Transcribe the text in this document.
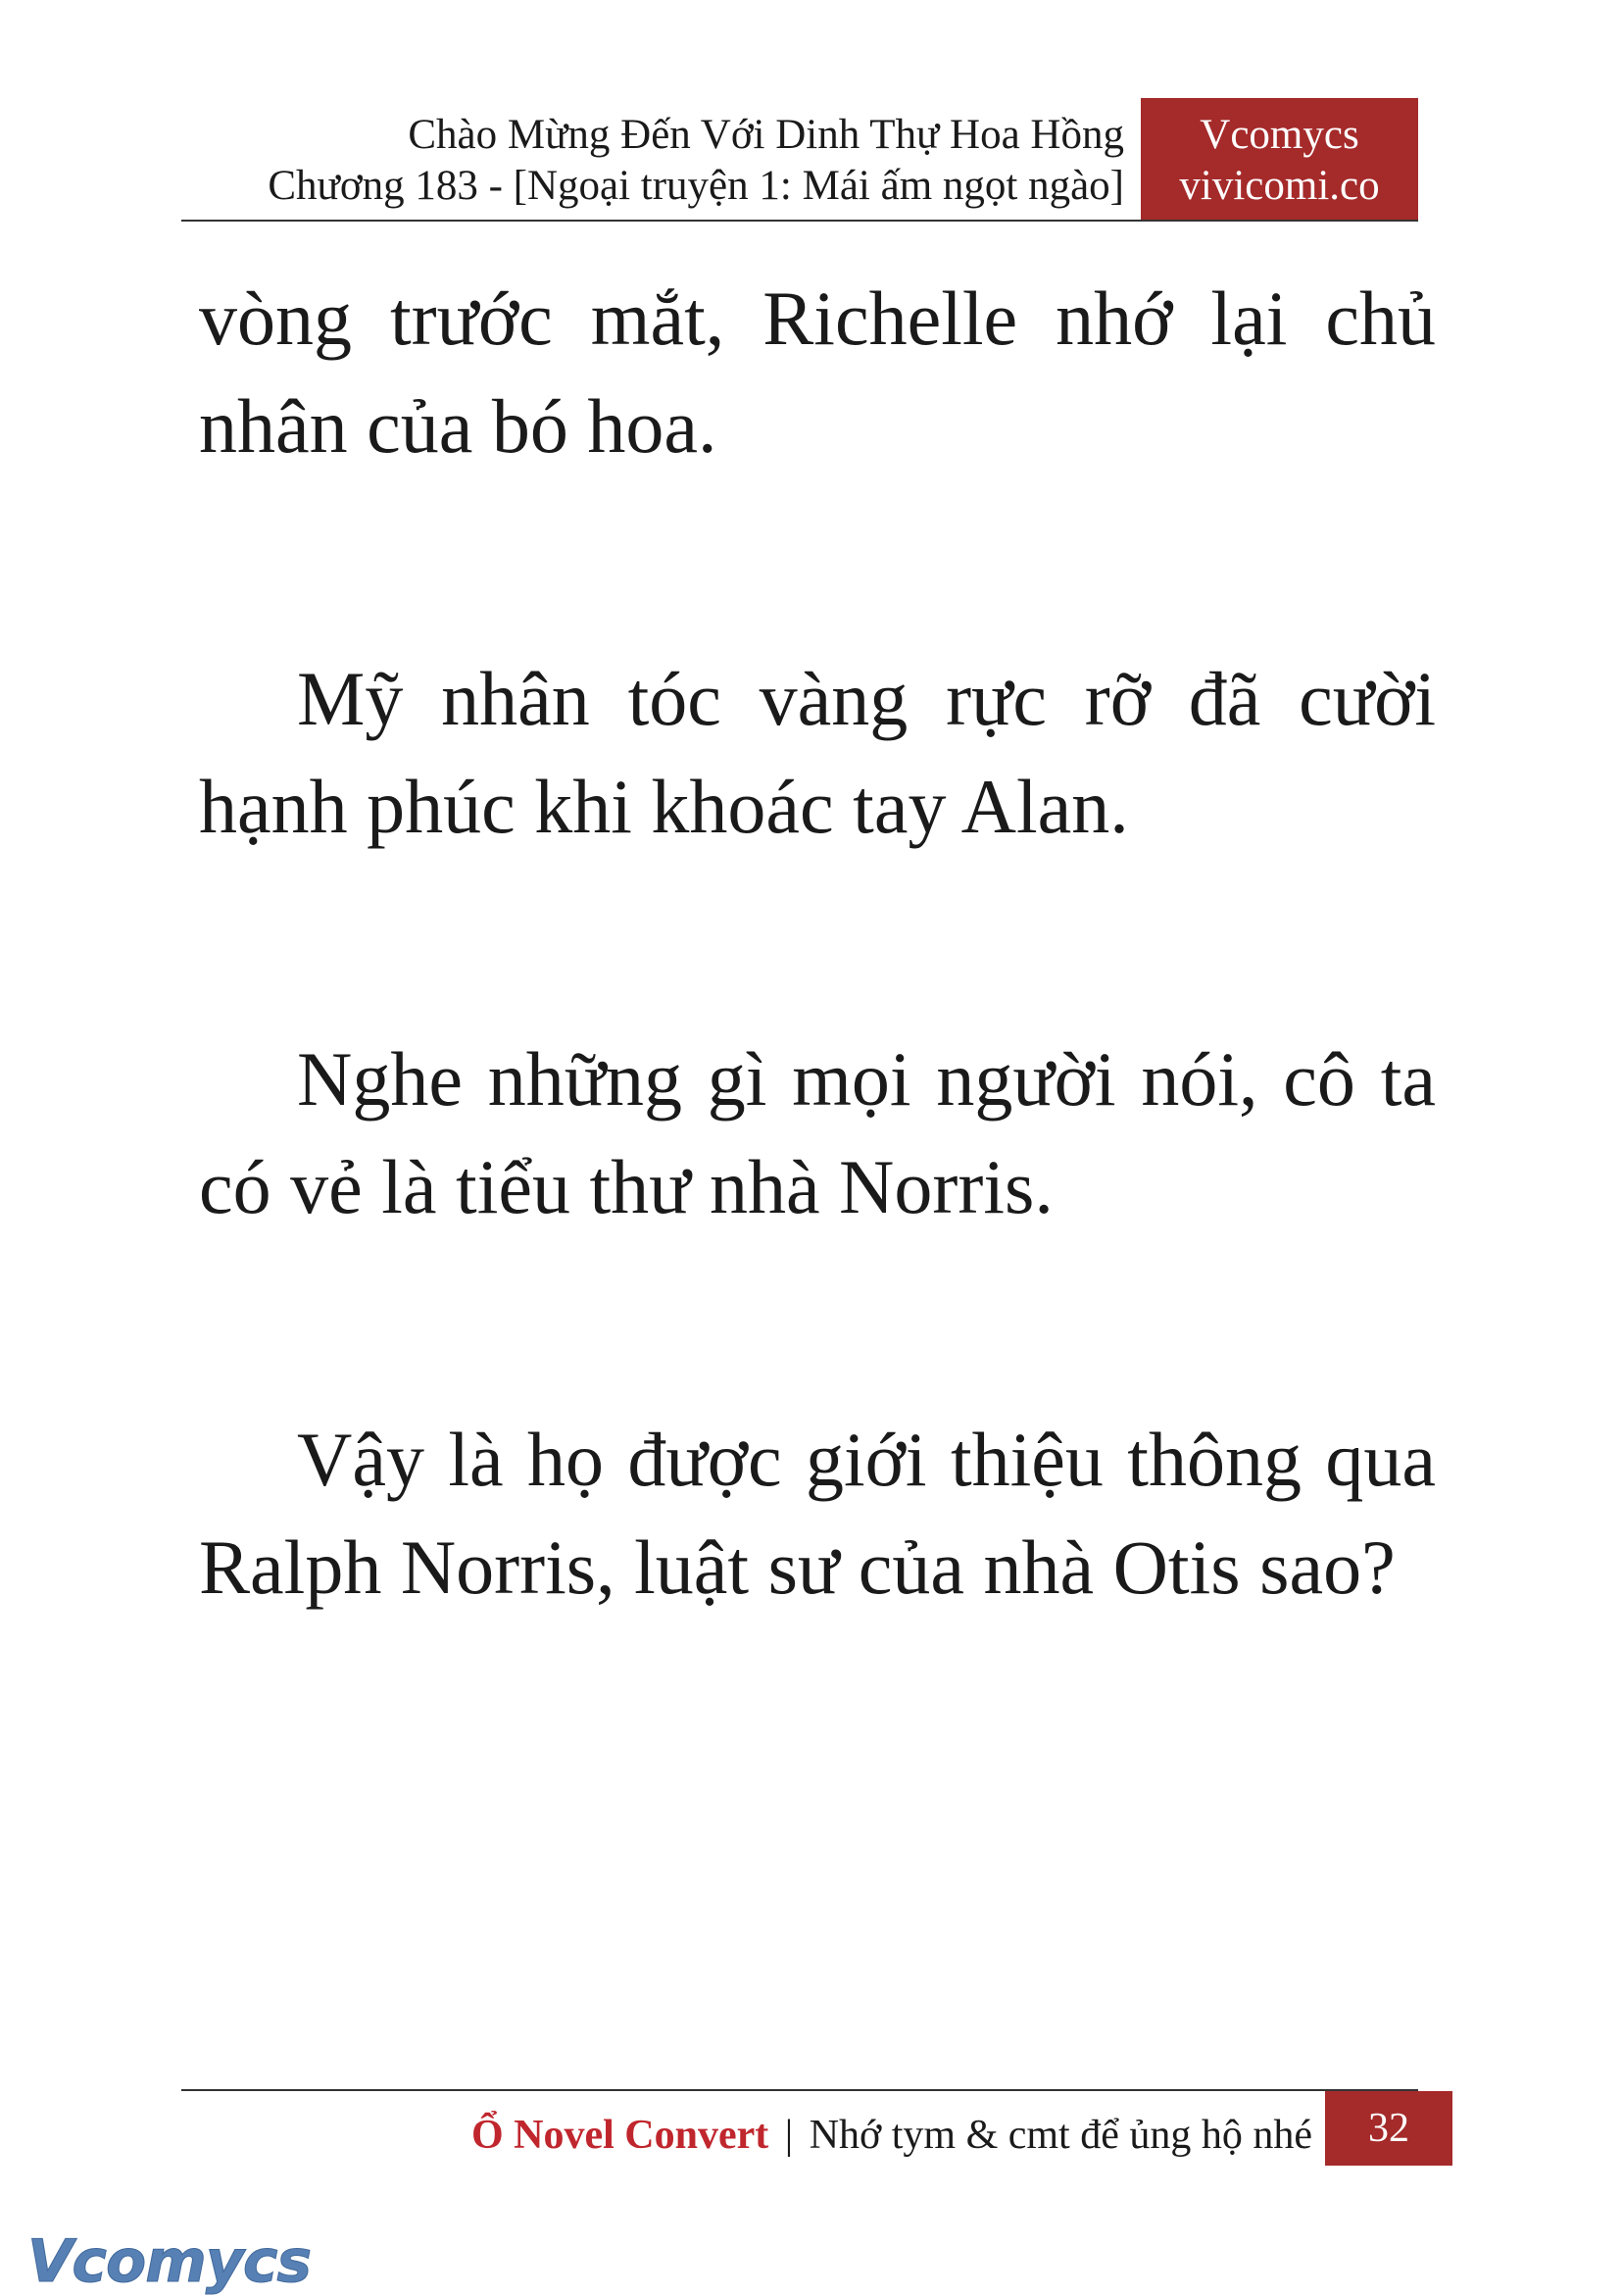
Chào Mừng Đến Với Dinh Thự Hoa Hồng
Chương 183 - [Ngoại truyện 1: Mái ấm ngọt ngào]
Vcomycs
vivicomi.co

vòng trước mắt, Richelle nhớ lại chủ nhân của bó hoa.

Mỹ nhân tóc vàng rực rỡ đã cười hạnh phúc khi khoác tay Alan.

Nghe những gì mọi người nói, cô ta có vẻ là tiểu thư nhà Norris.

Vậy là họ được giới thiệu thông qua Ralph Norris, luật sư của nhà Otis sao?

Ổ Novel Convert | Nhớ tym & cmt để ủng hộ nhé	32
Vcomycs
